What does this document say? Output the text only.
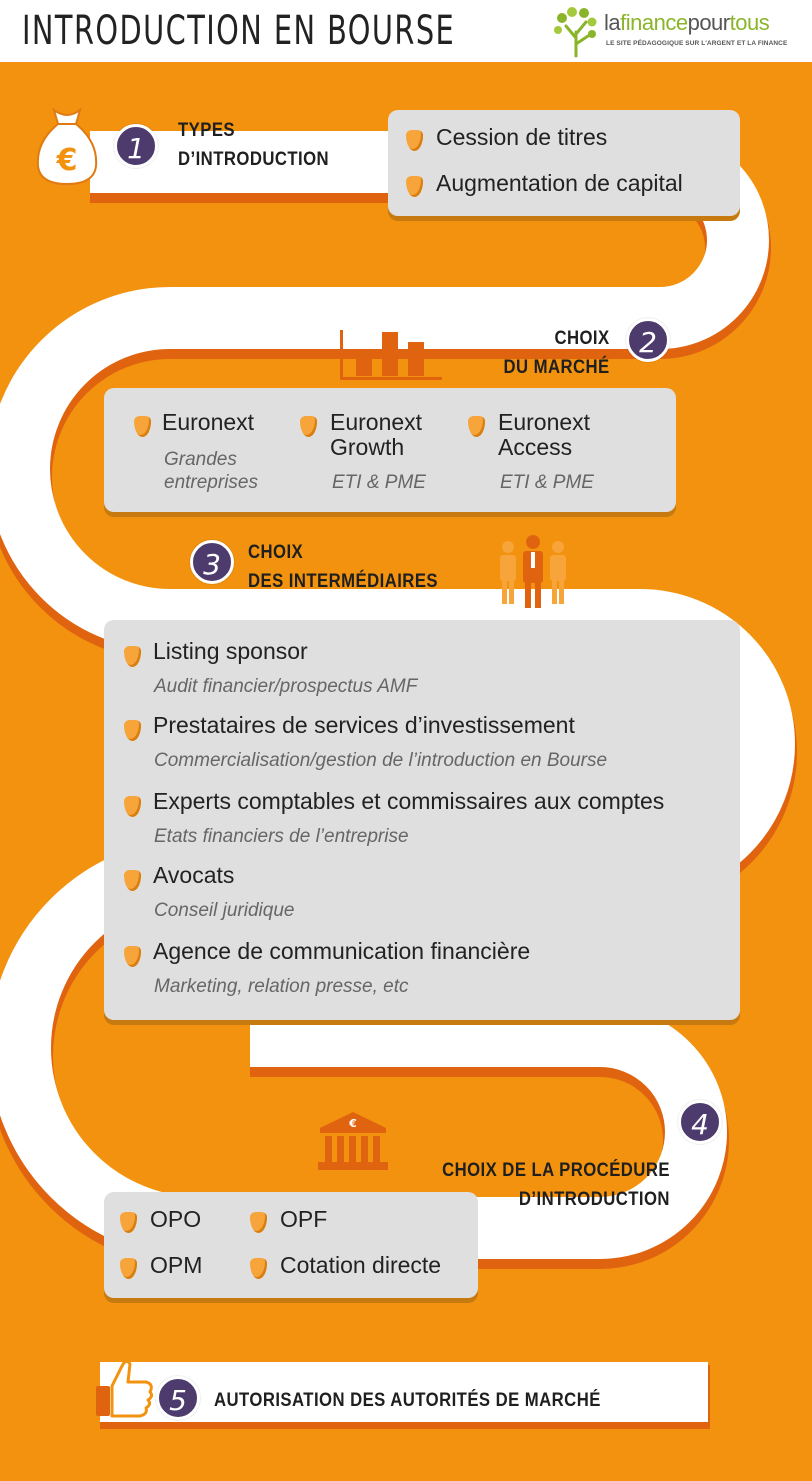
INTRODUCTION EN BOURSE	lafinancepourtous
LE SITE PÉDAGOGIQUE SUR L'ARGENT ET LA FINANCE
€	1
TYPES
D’INTRODUCTION
Cession de titres
Augmentation de capital
CHOIX
DU MARCHÉ
2
Euronext
Grandes
entreprises
Euronext
Growth
ETI & PME
Euronext
Access
ETI & PME
3	CHOIX
DES INTERMÉDIAIRES
Listing sponsor
Audit financier/prospectus AMF
Prestataires de services d’investissement
Commercialisation/gestion de l’introduction en Bourse
Experts comptables et commissaires aux comptes
Etats financiers de l’entreprise
Avocats
Conseil juridique
Agence de communication financière
Marketing, relation presse, etc
4
€
CHOIX DE LA PROCÉDURE
D’INTRODUCTION
OPO	OPF
OPM	Cotation directe
5	AUTORISATION DES AUTORITÉS DE MARCHÉ
